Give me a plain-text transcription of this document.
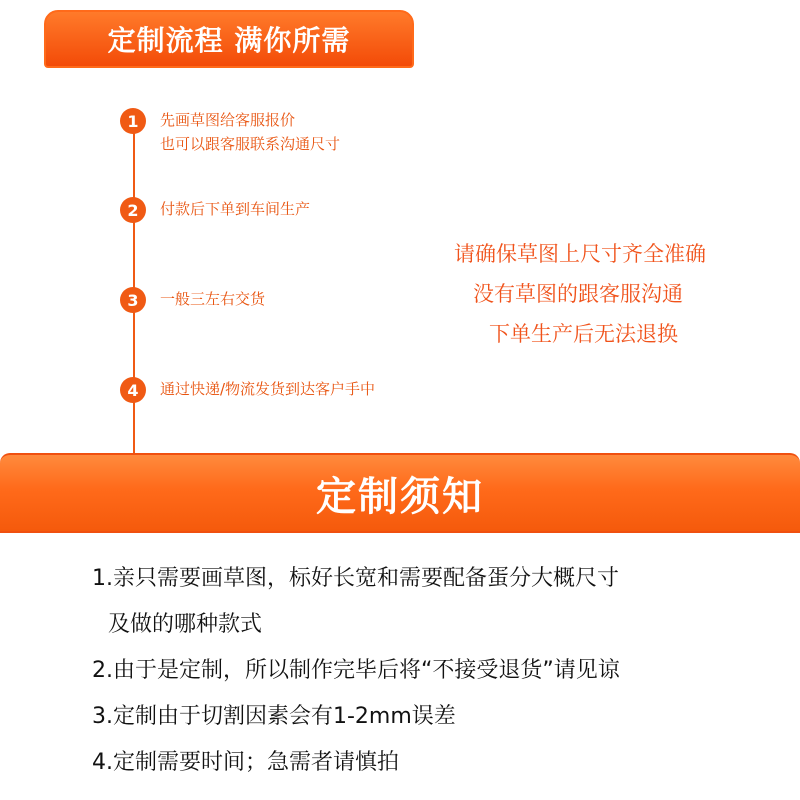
定制流程 满你所需
1	先画草图给客服报价
也可以跟客服联系沟通尺寸
2	付款后下单到车间生产
3	一般三左右交货
4	通过快递/物流发货到达客户手中
请确保草图上尺寸齐全准确
没有草图的跟客服沟通
下单生产后无法退换
定制须知
1.亲只需要画草图，标好长宽和需要配备蛋分大概尺寸
及做的哪种款式
2.由于是定制，所以制作完毕后将“不接受退货”请见谅
3.定制由于切割因素会有1-2mm误差
4.定制需要时间；急需者请慎拍
